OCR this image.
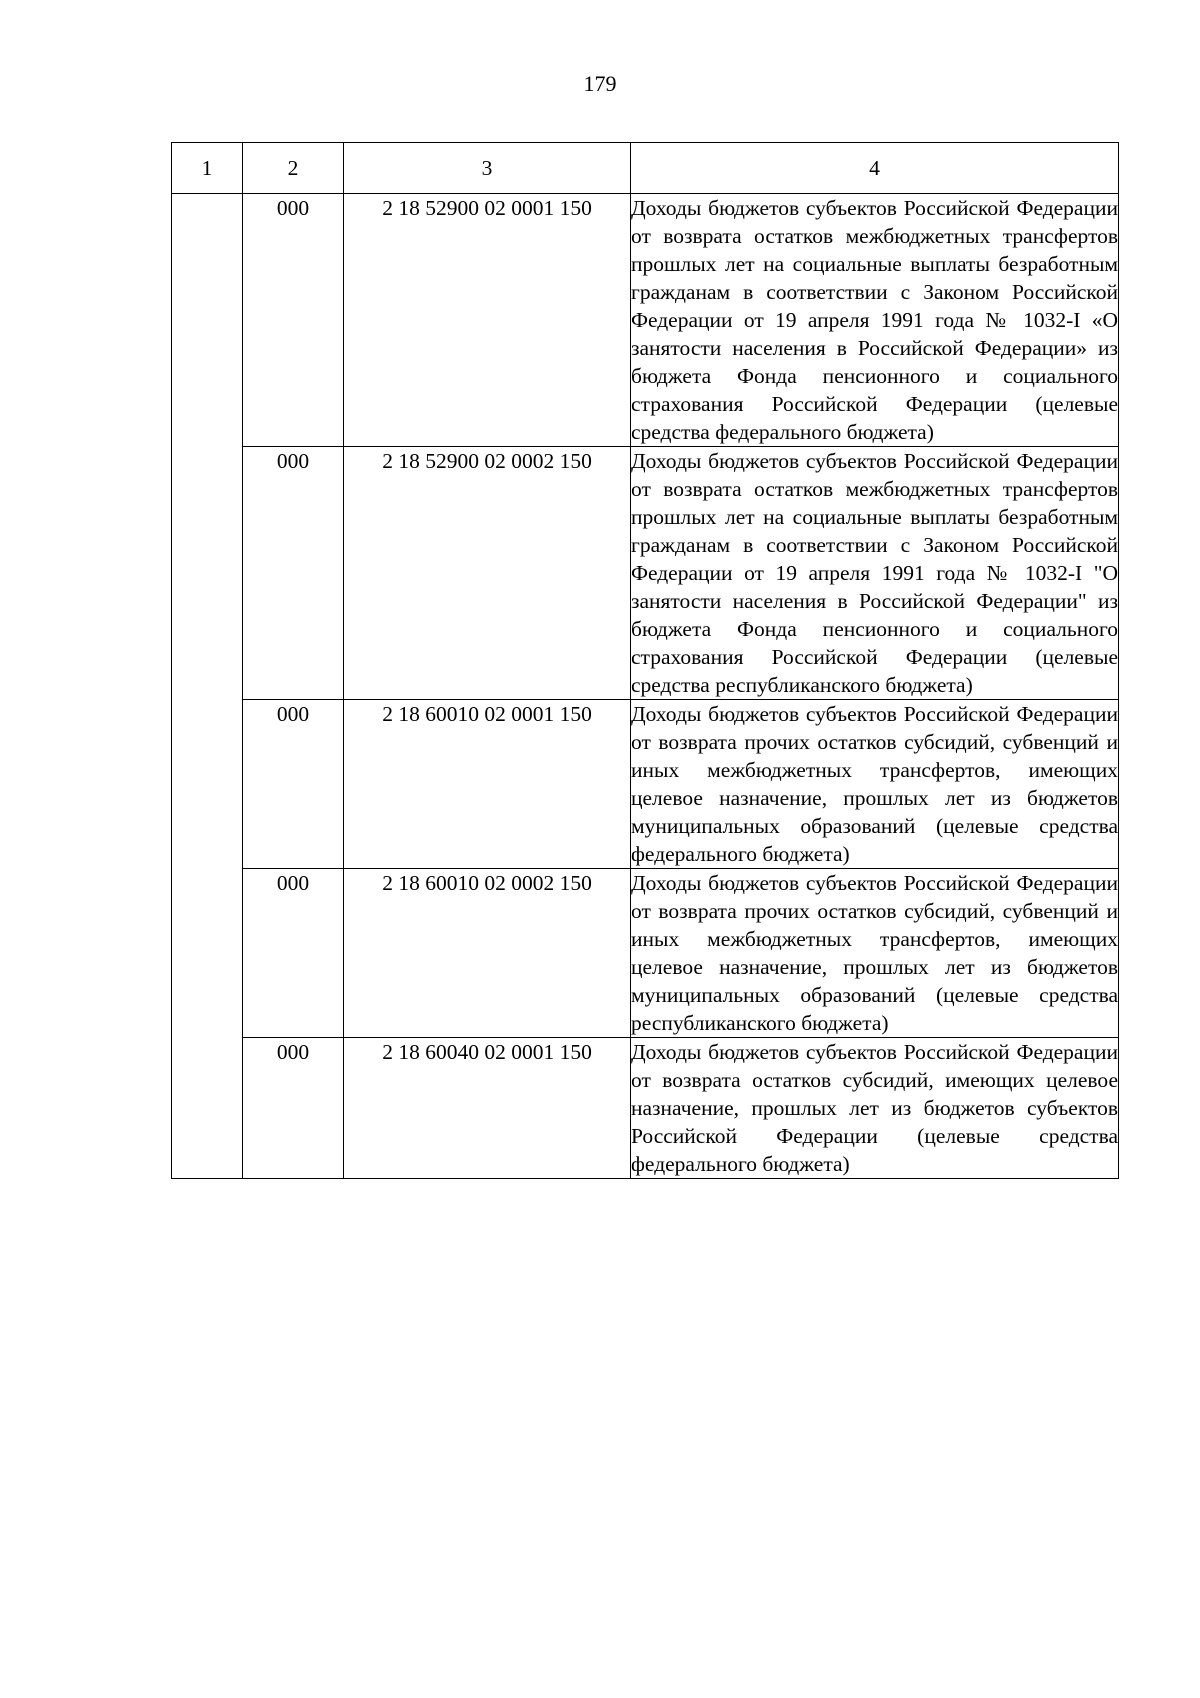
179
1	2	3	4
	000	2 18 52900 02 0001 150	Доходы бюджетов субъектов Российской Федерации от возврата остатков межбюджетных трансфертов прошлых лет на социальные выплаты безработным гражданам в соответствии с Законом Российской Федерации от 19 апреля 1991 года № 1032-I «О занятости населения в Российской Федерации» из бюджета Фонда пенсионного и социального страхования Российской Федерации (целевые средства федерального бюджета)
	000	2 18 52900 02 0002 150	Доходы бюджетов субъектов Российской Федерации от возврата остатков межбюджетных трансфертов прошлых лет на социальные выплаты безработным гражданам в соответствии с Законом Российской Федерации от 19 апреля 1991 года № 1032-I "О занятости населения в Российской Федерации" из бюджета Фонда пенсионного и социального страхования Российской Федерации (целевые средства республиканского бюджета)
	000	2 18 60010 02 0001 150	Доходы бюджетов субъектов Российской Федерации от возврата прочих остатков субсидий, субвенций и иных межбюджетных трансфертов, имеющих целевое назначение, прошлых лет из бюджетов муниципальных образований (целевые средства федерального бюджета)
	000	2 18 60010 02 0002 150	Доходы бюджетов субъектов Российской Федерации от возврата прочих остатков субсидий, субвенций и иных межбюджетных трансфертов, имеющих целевое назначение, прошлых лет из бюджетов муниципальных образований (целевые средства республиканского бюджета)
	000	2 18 60040 02 0001 150	Доходы бюджетов субъектов Российской Федерации от возврата остатков субсидий, имеющих целевое назначение, прошлых лет из бюджетов субъектов Российской Федерации (целевые средства федерального бюджета)
